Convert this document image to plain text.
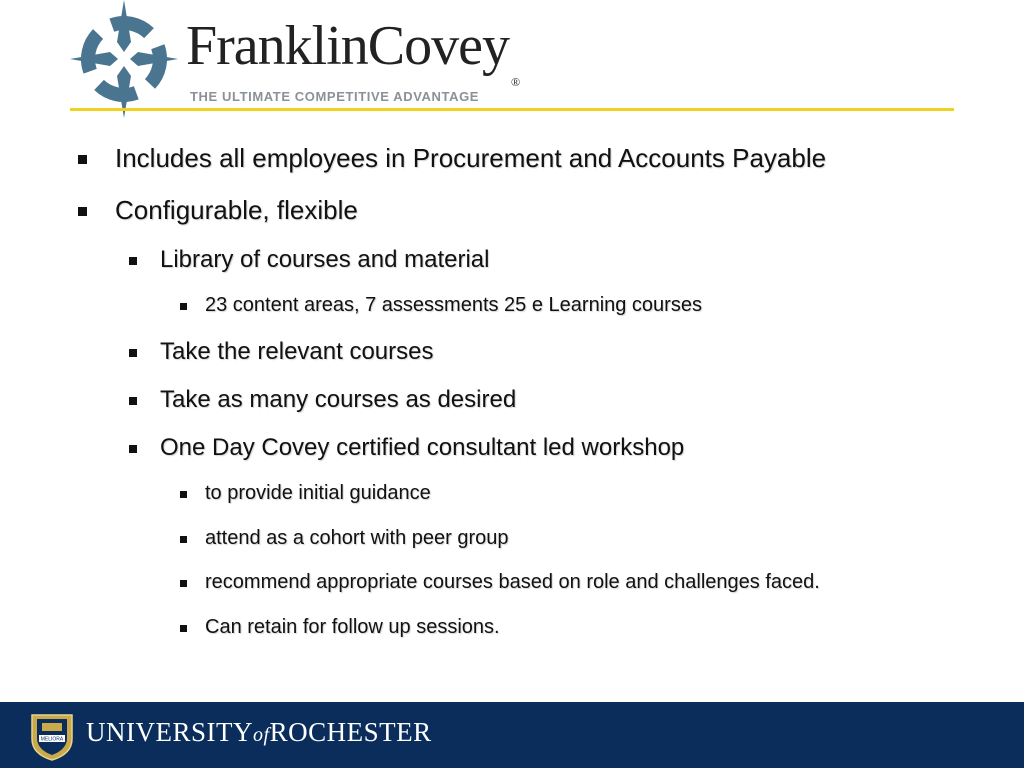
FranklinCovey®
THE ULTIMATE COMPETITIVE ADVANTAGE
Includes all employees in Procurement and Accounts Payable
Configurable, flexible
Library of courses and material
23 content areas, 7 assessments 25 e Learning courses
Take the relevant courses
Take as many courses as desired
One Day Covey certified consultant led workshop
to provide initial guidance
attend as a cohort with peer group
recommend appropriate courses based on role and challenges faced.
Can retain for follow up sessions.
MELIORA UNIVERSITYofROCHESTER
